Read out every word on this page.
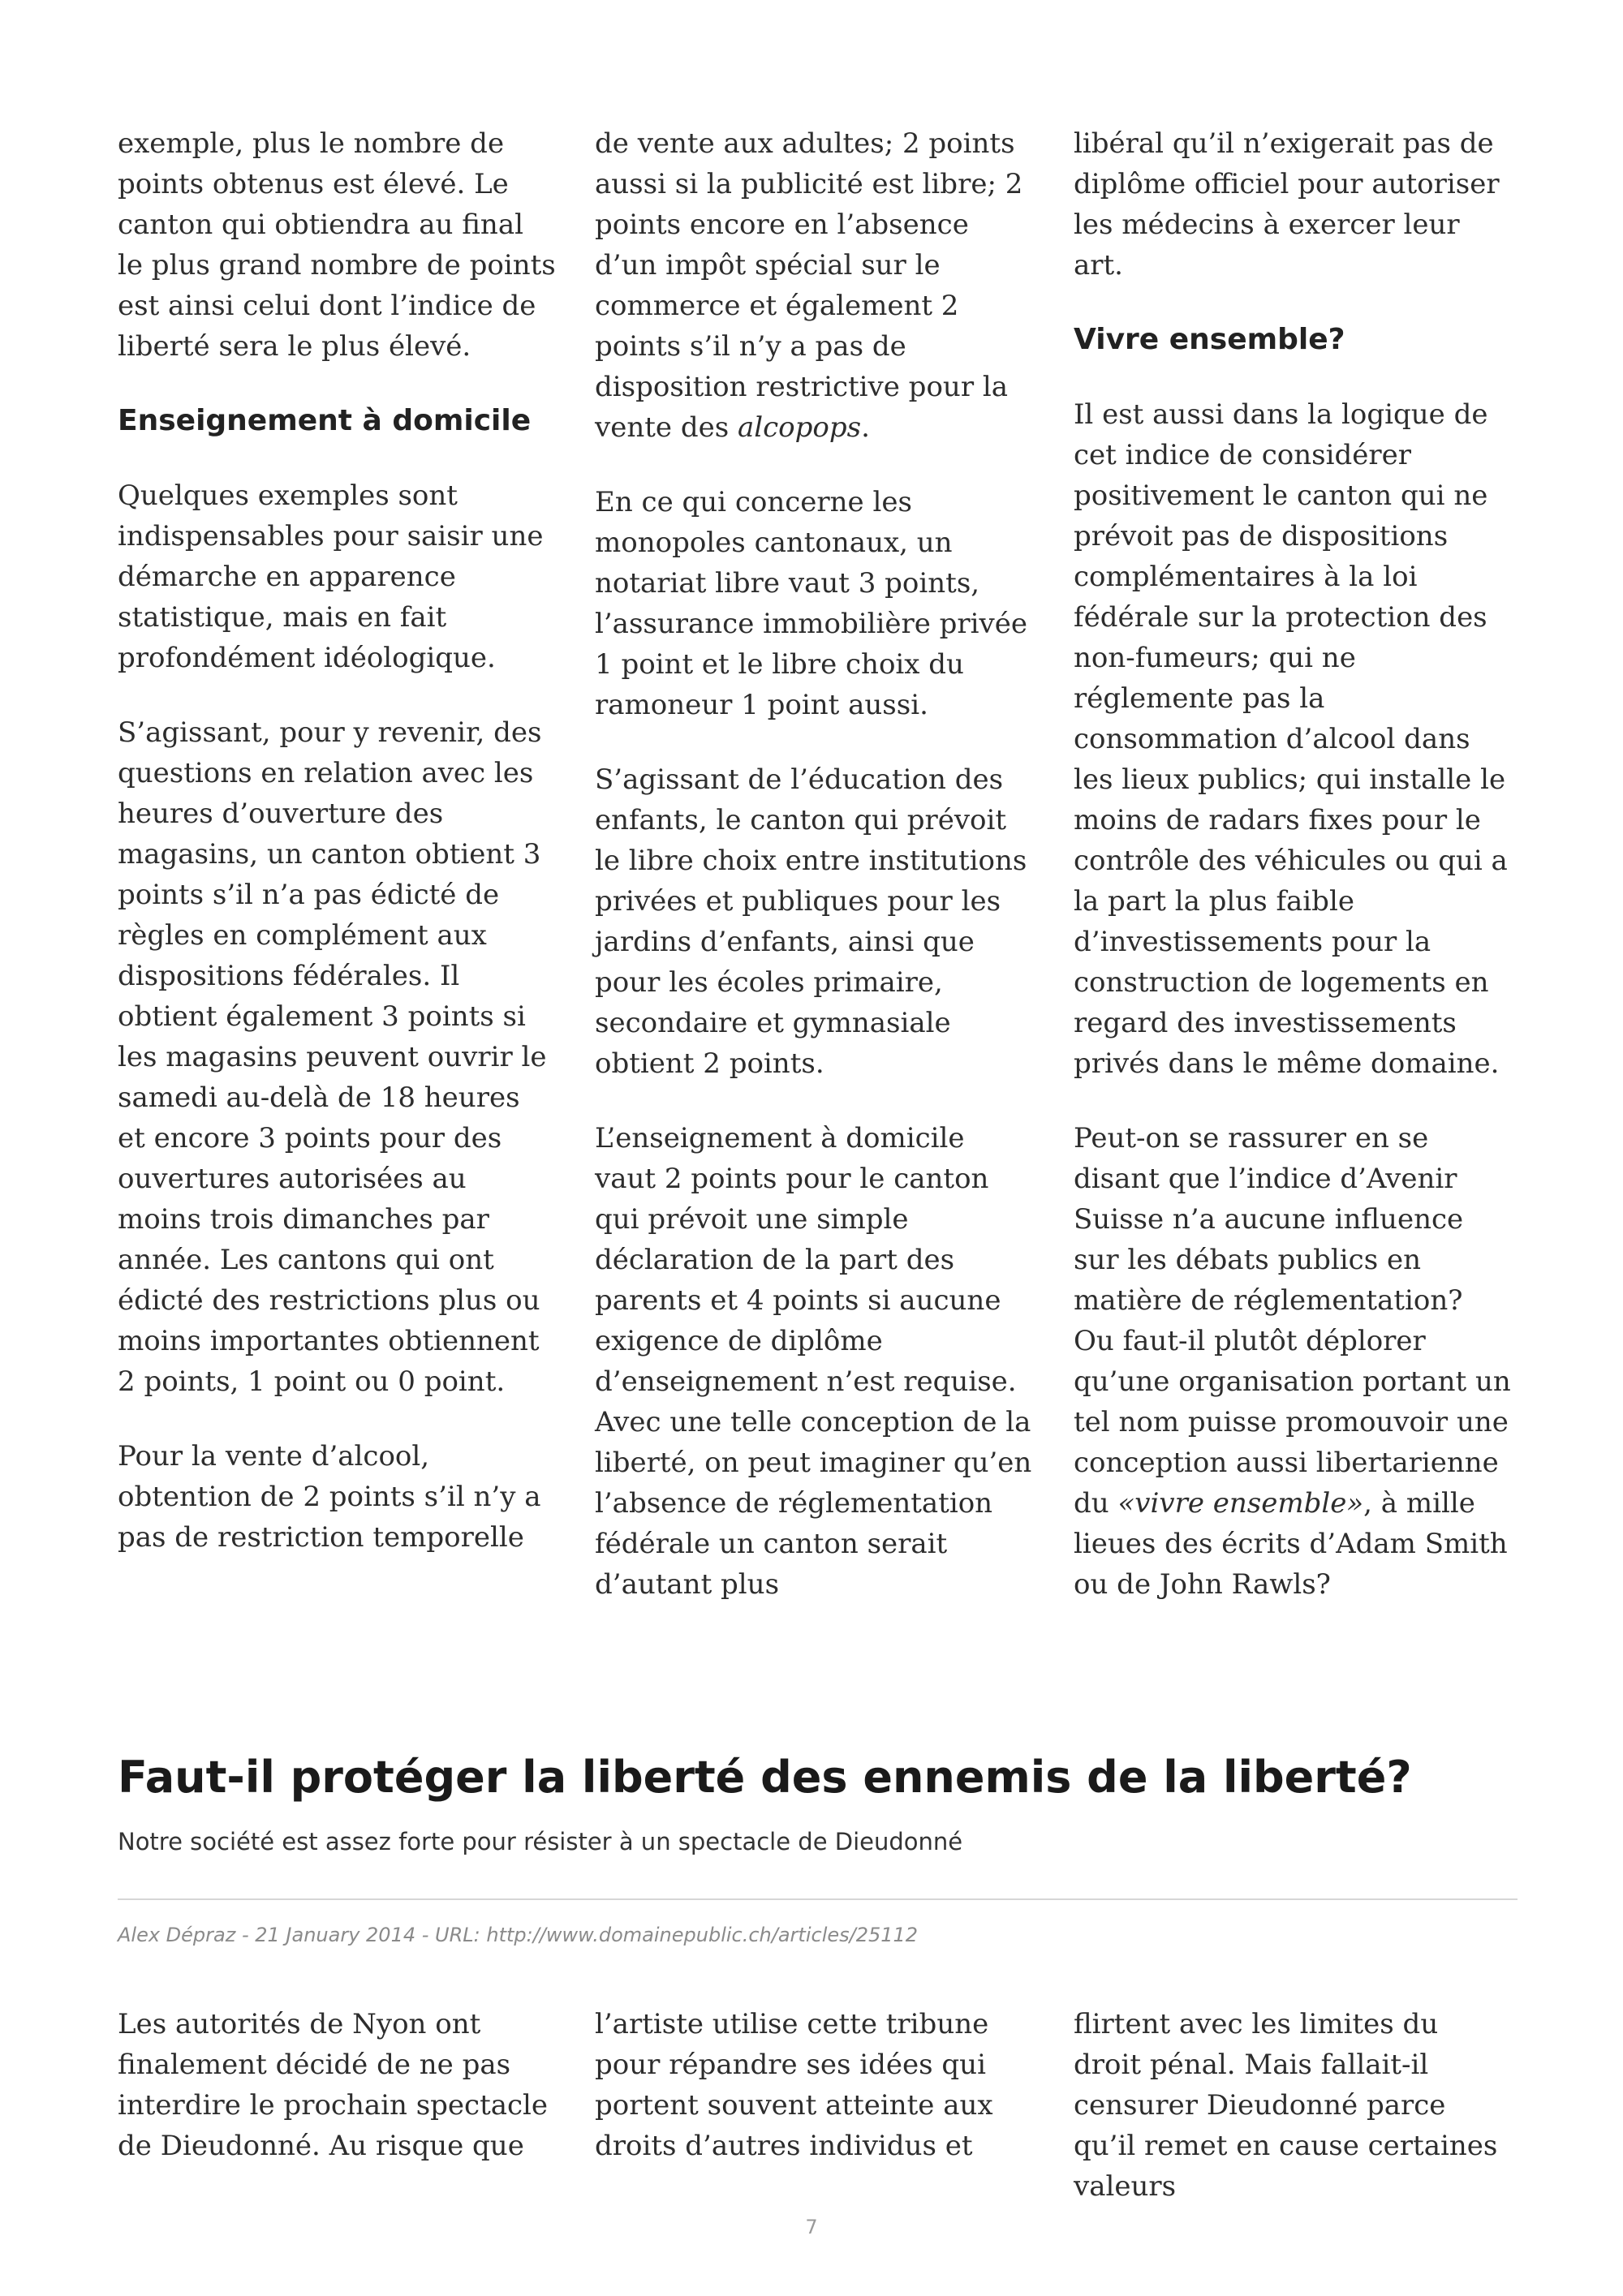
exemple, plus le nombre de points obtenus est élevé. Le canton qui obtiendra au final le plus grand nombre de points est ainsi celui dont l’indice de liberté sera le plus élevé.

Enseignement à domicile

Quelques exemples sont indispensables pour saisir une démarche en apparence statistique, mais en fait profondément idéologique.

S’agissant, pour y revenir, des questions en relation avec les heures d’ouverture des magasins, un canton obtient 3 points s’il n’a pas édicté de règles en complément aux dispositions fédérales. Il obtient également 3 points si les magasins peuvent ouvrir le samedi au-delà de 18 heures et encore 3 points pour des ouvertures autorisées au moins trois dimanches par année. Les cantons qui ont édicté des restrictions plus ou moins importantes obtiennent 2 points, 1 point ou 0 point.

Pour la vente d’alcool, obtention de 2 points s’il n’y a pas de restriction temporelle

de vente aux adultes; 2 points aussi si la publicité est libre; 2 points encore en l’absence d’un impôt spécial sur le commerce et également 2 points s’il n’y a pas de disposition restrictive pour la vente des alcopops.

En ce qui concerne les monopoles cantonaux, un notariat libre vaut 3 points, l’assurance immobilière privée 1 point et le libre choix du ramoneur 1 point aussi.

S’agissant de l’éducation des enfants, le canton qui prévoit le libre choix entre institutions privées et publiques pour les jardins d’enfants, ainsi que pour les écoles primaire, secondaire et gymnasiale obtient 2 points.

L’enseignement à domicile vaut 2 points pour le canton qui prévoit une simple déclaration de la part des parents et 4 points si aucune exigence de diplôme d’enseignement n’est requise. Avec une telle conception de la liberté, on peut imaginer qu’en l’absence de réglementation fédérale un canton serait d’autant plus

libéral qu’il n’exigerait pas de diplôme officiel pour autoriser les médecins à exercer leur art.

Vivre ensemble?

Il est aussi dans la logique de cet indice de considérer positivement le canton qui ne prévoit pas de dispositions complémentaires à la loi fédérale sur la protection des non-fumeurs; qui ne réglemente pas la consommation d’alcool dans les lieux publics; qui installe le moins de radars fixes pour le contrôle des véhicules ou qui a la part la plus faible d’investissements pour la construction de logements en regard des investissements privés dans le même domaine.

Peut-on se rassurer en se disant que l’indice d’Avenir Suisse n’a aucune influence sur les débats publics en matière de réglementation? Ou faut-il plutôt déplorer qu’une organisation portant un tel nom puisse promouvoir une conception aussi libertarienne du «vivre ensemble», à mille lieues des écrits d’Adam Smith ou de John Rawls?

Faut-il protéger la liberté des ennemis de la liberté?
Notre société est assez forte pour résister à un spectacle de Dieudonné
Alex Dépraz - 21 January 2014 - URL: http://www.domainepublic.ch/articles/25112

Les autorités de Nyon ont finalement décidé de ne pas interdire le prochain spectacle de Dieudonné. Au risque que

l’artiste utilise cette tribune pour répandre ses idées qui portent souvent atteinte aux droits d’autres individus et

flirtent avec les limites du droit pénal. Mais fallait-il censurer Dieudonné parce qu’il remet en cause certaines valeurs

7
